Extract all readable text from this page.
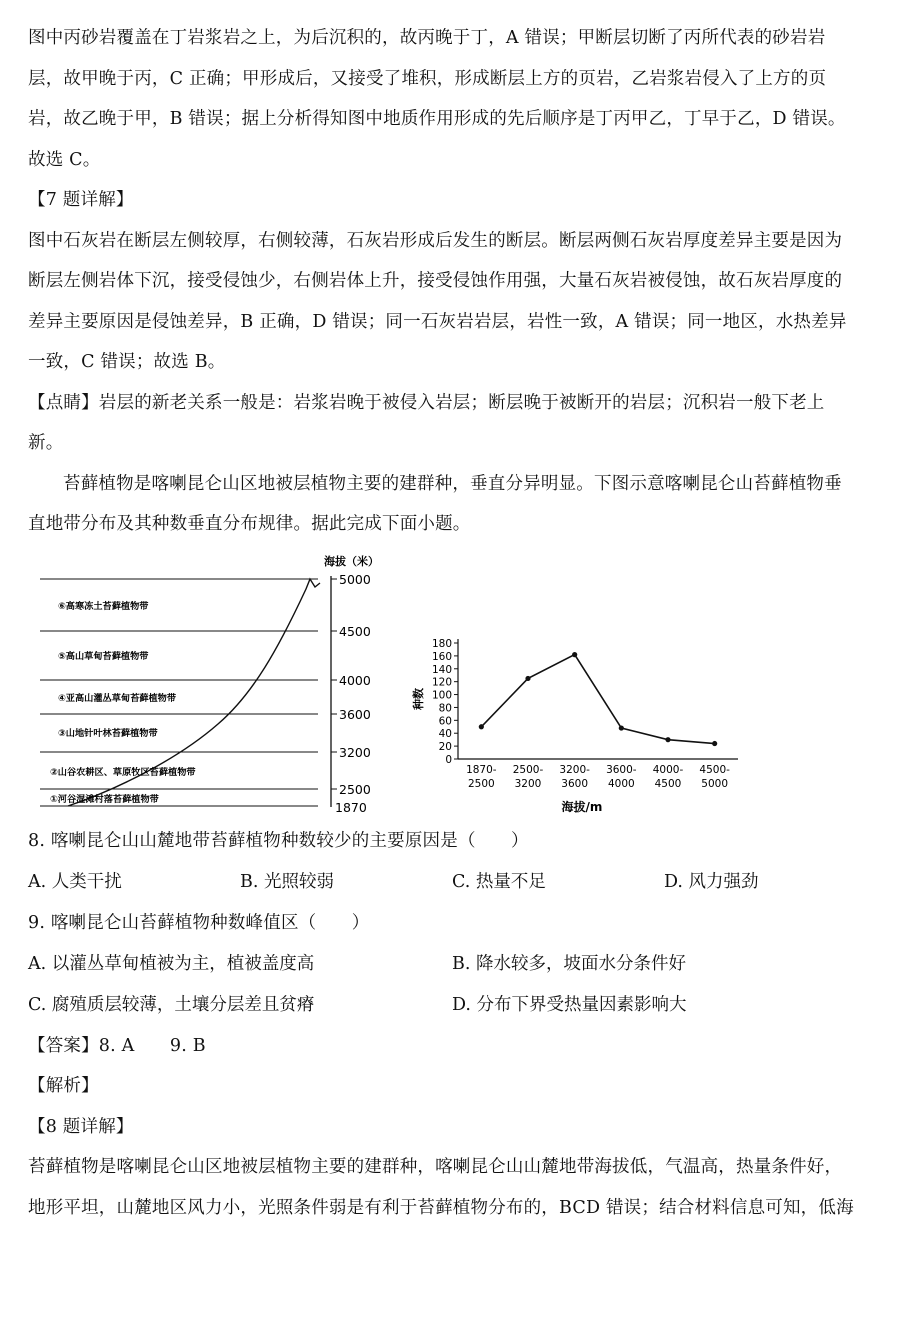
图中丙砂岩覆盖在丁岩浆岩之上，为后沉积的，故丙晚于丁，A 错误；甲断层切断了丙所代表的砂岩岩

层，故甲晚于丙，C 正确；甲形成后，又接受了堆积，形成断层上方的页岩，乙岩浆岩侵入了上方的页

岩，故乙晚于甲，B 错误；据上分析得知图中地质作用形成的先后顺序是丁丙甲乙，丁早于乙，D 错误。

故选 C。

【7 题详解】

图中石灰岩在断层左侧较厚，右侧较薄，石灰岩形成后发生的断层。断层两侧石灰岩厚度差异主要是因为

断层左侧岩体下沉，接受侵蚀少，右侧岩体上升，接受侵蚀作用强，大量石灰岩被侵蚀，故石灰岩厚度的

差异主要原因是侵蚀差异，B 正确，D 错误；同一石灰岩岩层，岩性一致，A 错误；同一地区，水热差异

一致，C 错误；故选 B。

【点睛】岩层的新老关系一般是：岩浆岩晚于被侵入岩层；断层晚于被断开的岩层；沉积岩一般下老上

新。

苔藓植物是喀喇昆仑山区地被层植物主要的建群种，垂直分异明显。下图示意喀喇昆仑山苔藓植物垂

直地带分布及其种数垂直分布规律。据此完成下面小题。

海拔（米）
5000
4500
4000
3600
3200
2500
1870
⑥高寒冻土苔藓植物带
⑤高山草甸苔藓植物带
④亚高山灌丛草甸苔藓植物带
③山地针叶林苔藓植物带
②山谷农耕区、草原牧区苔藓植物带
①河谷湿滩村落苔藓植物带
种数
海拔/m
0
20
40
60
80
100
120
140
160
180
1870-
2500
2500-
3200
3200-
3600
3600-
4000
4000-
4500
4500-
5000

8. 喀喇昆仑山山麓地带苔藓植物种数较少的主要原因是（　　）

A. 人类干扰	B. 光照较弱	C. 热量不足	D. 风力强劲

9. 喀喇昆仑山苔藓植物种数峰值区（　　）

A. 以灌丛草甸植被为主，植被盖度高	B. 降水较多，坡面水分条件好
C. 腐殖质层较薄，土壤分层差且贫瘠	D. 分布下界受热量因素影响大

【答案】8. A　　9. B

【解析】

【8 题详解】

苔藓植物是喀喇昆仑山区地被层植物主要的建群种，喀喇昆仑山山麓地带海拔低，气温高，热量条件好，

地形平坦，山麓地区风力小，光照条件弱是有利于苔藓植物分布的，BCD 错误；结合材料信息可知，低海
